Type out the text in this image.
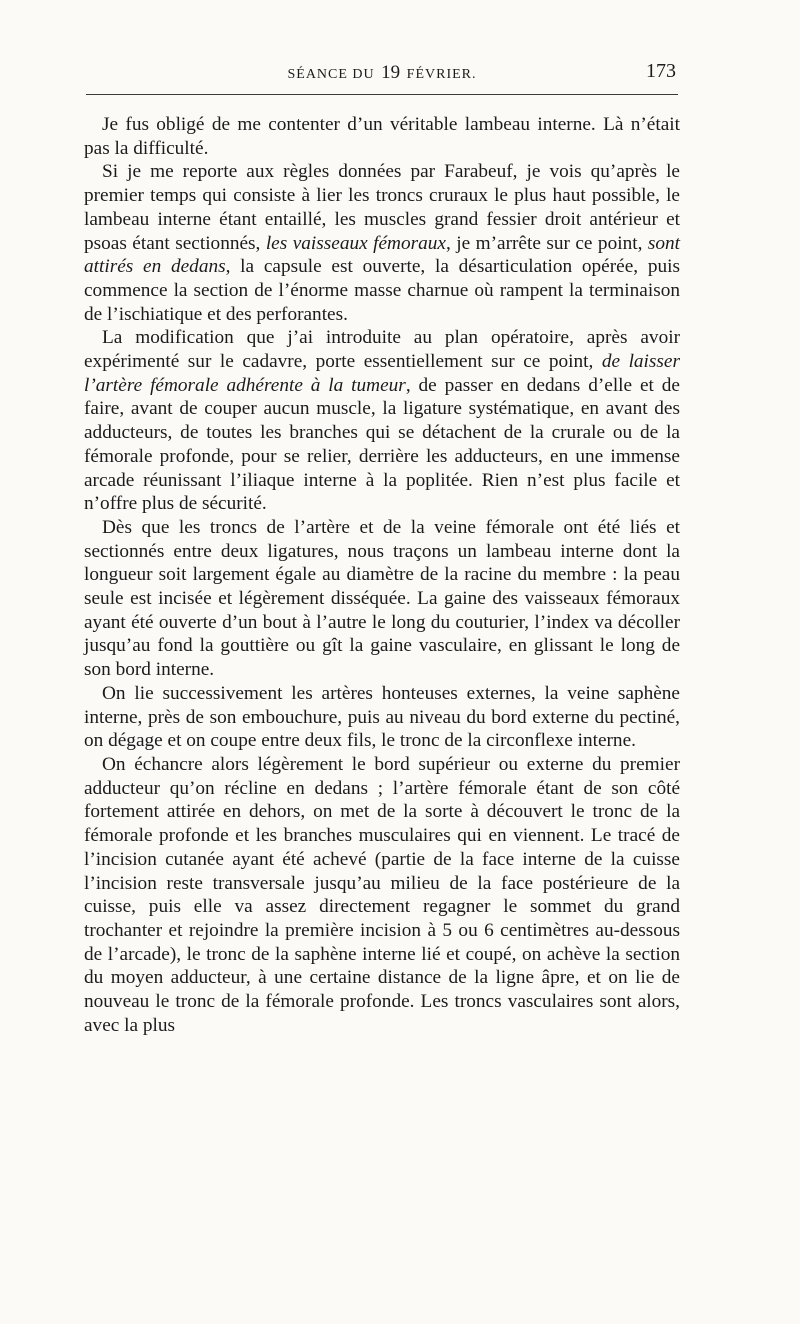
SÉANCE DU 19 FÉVRIER.	173

Je fus obligé de me contenter d’un véritable lambeau interne. Là n’était pas la difficulté.

Si je me reporte aux règles données par Farabeuf, je vois qu’après le premier temps qui consiste à lier les troncs cruraux le plus haut possible, le lambeau interne étant entaillé, les muscles grand fessier droit antérieur et psoas étant sectionnés, les vaisseaux fémoraux, je m’arrête sur ce point, sont attirés en dedans, la capsule est ouverte, la désarticulation opérée, puis commence la section de l’énorme masse charnue où rampent la terminaison de l’ischiatique et des perforantes.

La modification que j’ai introduite au plan opératoire, après avoir expérimenté sur le cadavre, porte essentiellement sur ce point, de laisser l’artère fémorale adhérente à la tumeur, de passer en dedans d’elle et de faire, avant de couper aucun muscle, la ligature systématique, en avant des adducteurs, de toutes les branches qui se détachent de la crurale ou de la fémorale profonde, pour se relier, derrière les adducteurs, en une immense arcade réunissant l’iliaque interne à la poplitée. Rien n’est plus facile et n’offre plus de sécurité.

Dès que les troncs de l’artère et de la veine fémorale ont été liés et sectionnés entre deux ligatures, nous traçons un lambeau interne dont la longueur soit largement égale au diamètre de la racine du membre : la peau seule est incisée et légèrement disséquée. La gaine des vaisseaux fémoraux ayant été ouverte d’un bout à l’autre le long du couturier, l’index va décoller jusqu’au fond la gouttière ou gît la gaine vasculaire, en glissant le long de son bord interne.

On lie successivement les artères honteuses externes, la veine saphène interne, près de son embouchure, puis au niveau du bord externe du pectiné, on dégage et on coupe entre deux fils, le tronc de la circonflexe interne.

On échancre alors légèrement le bord supérieur ou externe du premier adducteur qu’on récline en dedans ; l’artère fémorale étant de son côté fortement attirée en dehors, on met de la sorte à découvert le tronc de la fémorale profonde et les branches musculaires qui en viennent. Le tracé de l’incision cutanée ayant été achevé (partie de la face interne de la cuisse l’incision reste transversale jusqu’au milieu de la face postérieure de la cuisse, puis elle va assez directement regagner le sommet du grand trochanter et rejoindre la première incision à 5 ou 6 centimètres au-dessous de l’arcade), le tronc de la saphène interne lié et coupé, on achève la section du moyen adducteur, à une certaine distance de la ligne âpre, et on lie de nouveau le tronc de la fémorale profonde. Les troncs vasculaires sont alors, avec la plus
